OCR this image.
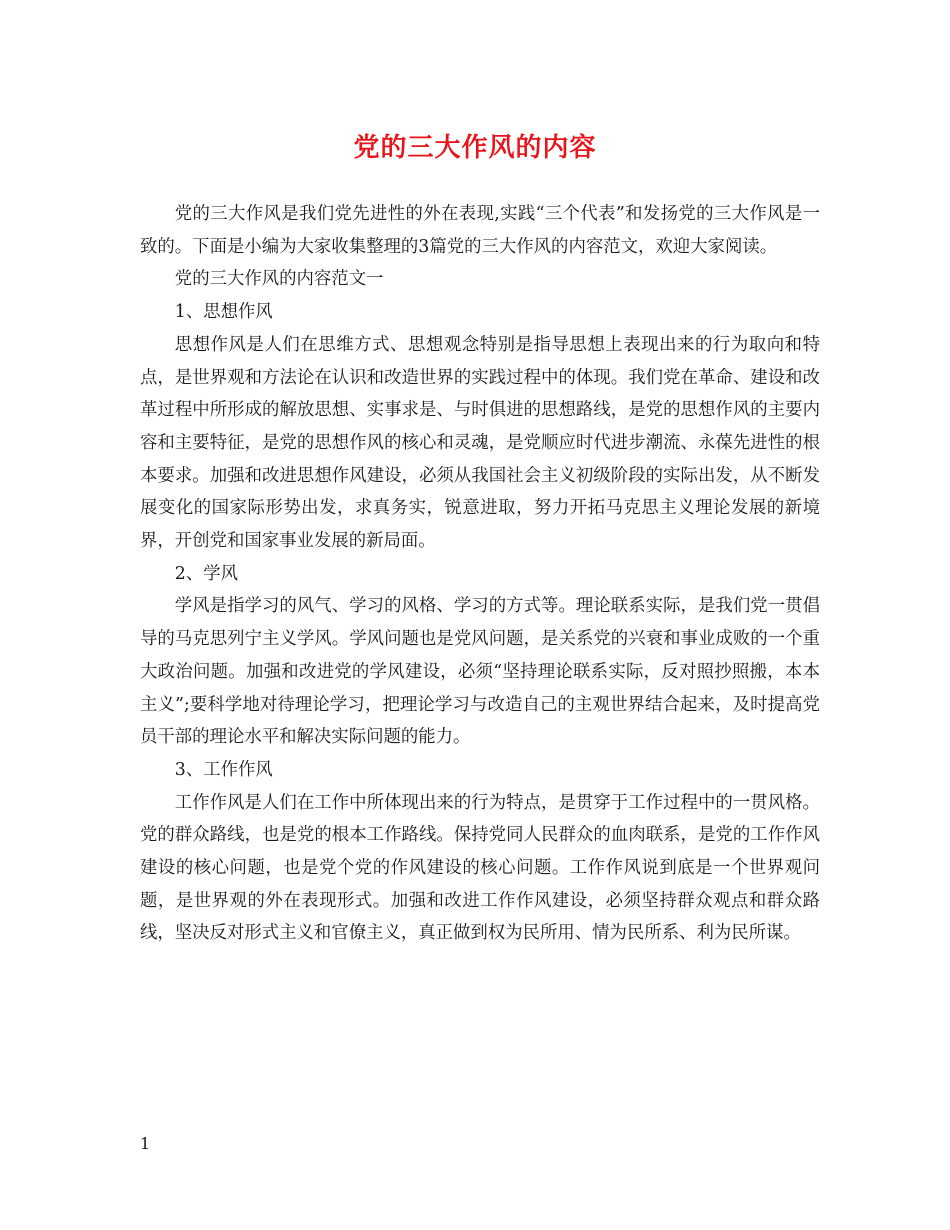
党的三大作风的内容

党的三大作风是我们党先进性的外在表现,实践“三个代表”和发扬党的三大作风是一致的。下面是小编为大家收集整理的3篇党的三大作风的内容范文，欢迎大家阅读。

党的三大作风的内容范文一

1、思想作风

思想作风是人们在思维方式、思想观念特别是指导思想上表现出来的行为取向和特点，是世界观和方法论在认识和改造世界的实践过程中的体现。我们党在革命、建设和改革过程中所形成的解放思想、实事求是、与时俱进的思想路线，是党的思想作风的主要内容和主要特征，是党的思想作风的核心和灵魂，是党顺应时代进步潮流、永葆先进性的根本要求。加强和改进思想作风建设，必须从我国社会主义初级阶段的实际出发，从不断发展变化的国家际形势出发，求真务实，锐意进取，努力开拓马克思主义理论发展的新境界，开创党和国家事业发展的新局面。

2、学风

学风是指学习的风气、学习的风格、学习的方式等。理论联系实际，是我们党一贯倡导的马克思列宁主义学风。学风问题也是党风问题，是关系党的兴衰和事业成败的一个重大政治问题。加强和改进党的学风建设，必须“坚持理论联系实际，反对照抄照搬，本本主义”;要科学地对待理论学习，把理论学习与改造自己的主观世界结合起来，及时提高党员干部的理论水平和解决实际问题的能力。

3、工作作风

工作作风是人们在工作中所体现出来的行为特点，是贯穿于工作过程中的一贯风格。党的群众路线，也是党的根本工作路线。保持党同人民群众的血肉联系，是党的工作作风建设的核心问题，也是党个党的作风建设的核心问题。工作作风说到底是一个世界观问题，是世界观的外在表现形式。加强和改进工作作风建设，必须坚持群众观点和群众路线，坚决反对形式主义和官僚主义，真正做到权为民所用、情为民所系、利为民所谋。

1
